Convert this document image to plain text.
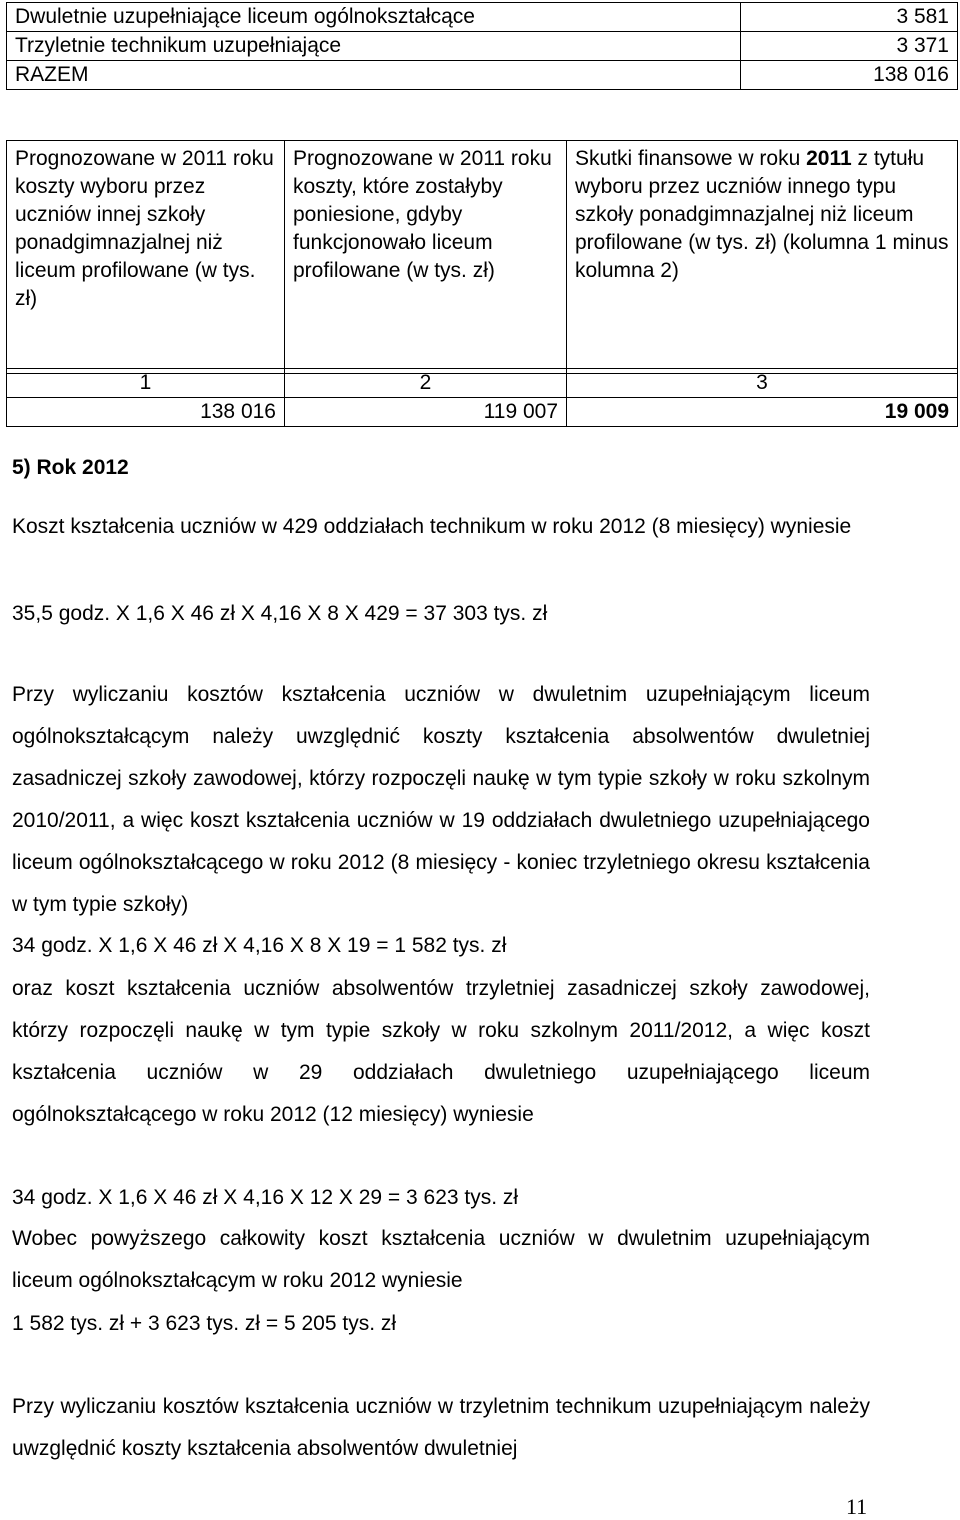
Dwuletnie uzupełniające liceum ogólnokształcące	3 581
Trzyletnie technikum uzupełniające	3 371
RAZEM	138 016
Prognozowane w 2011 roku koszty wyboru przez uczniów innej szkoły ponadgimnazjalnej niż liceum profilowane (w tys. zł)	Prognozowane w 2011 roku koszty, które zostałyby poniesione, gdyby funkcjonowało liceum profilowane (w tys. zł)	Skutki finansowe w roku 2011 z tytułu wyboru przez uczniów innego typu szkoły ponadgimnazjalnej niż liceum profilowane (w tys. zł) (kolumna 1 minus kolumna 2)
1	2	3
138 016	119 007	19 009
5) Rok 2012
Koszt kształcenia uczniów w 429 oddziałach technikum w roku 2012 (8 miesięcy) wyniesie
35,5 godz. X 1,6 X 46 zł X 4,16 X 8 X 429 = 37 303 tys. zł
Przy wyliczaniu kosztów kształcenia uczniów w dwuletnim uzupełniającym liceum ogólnokształcącym należy uwzględnić koszty kształcenia absolwentów dwuletniej zasadniczej szkoły zawodowej, którzy rozpoczęli naukę w tym typie szkoły w roku szkolnym 2010/2011, a więc koszt kształcenia uczniów w 19 oddziałach dwuletniego uzupełniającego liceum ogólnokształcącego w roku 2012 (8 miesięcy - koniec trzyletniego okresu kształcenia w tym typie szkoły)
34 godz. X 1,6 X 46 zł X 4,16 X 8 X 19 = 1 582 tys. zł
oraz koszt kształcenia uczniów absolwentów trzyletniej zasadniczej szkoły zawodowej, którzy rozpoczęli naukę w tym typie szkoły w roku szkolnym 2011/2012, a więc koszt kształcenia uczniów w 29 oddziałach dwuletniego uzupełniającego liceum ogólnokształcącego w roku 2012 (12 miesięcy) wyniesie
34 godz. X 1,6 X 46 zł X 4,16 X 12 X 29 = 3 623 tys. zł
Wobec powyższego całkowity koszt kształcenia uczniów w dwuletnim uzupełniającym liceum ogólnokształcącym w roku 2012 wyniesie
1 582 tys. zł + 3 623 tys. zł = 5 205 tys. zł
Przy wyliczaniu kosztów kształcenia uczniów w trzyletnim technikum uzupełniającym należy uwzględnić koszty kształcenia absolwentów dwuletniej
11
